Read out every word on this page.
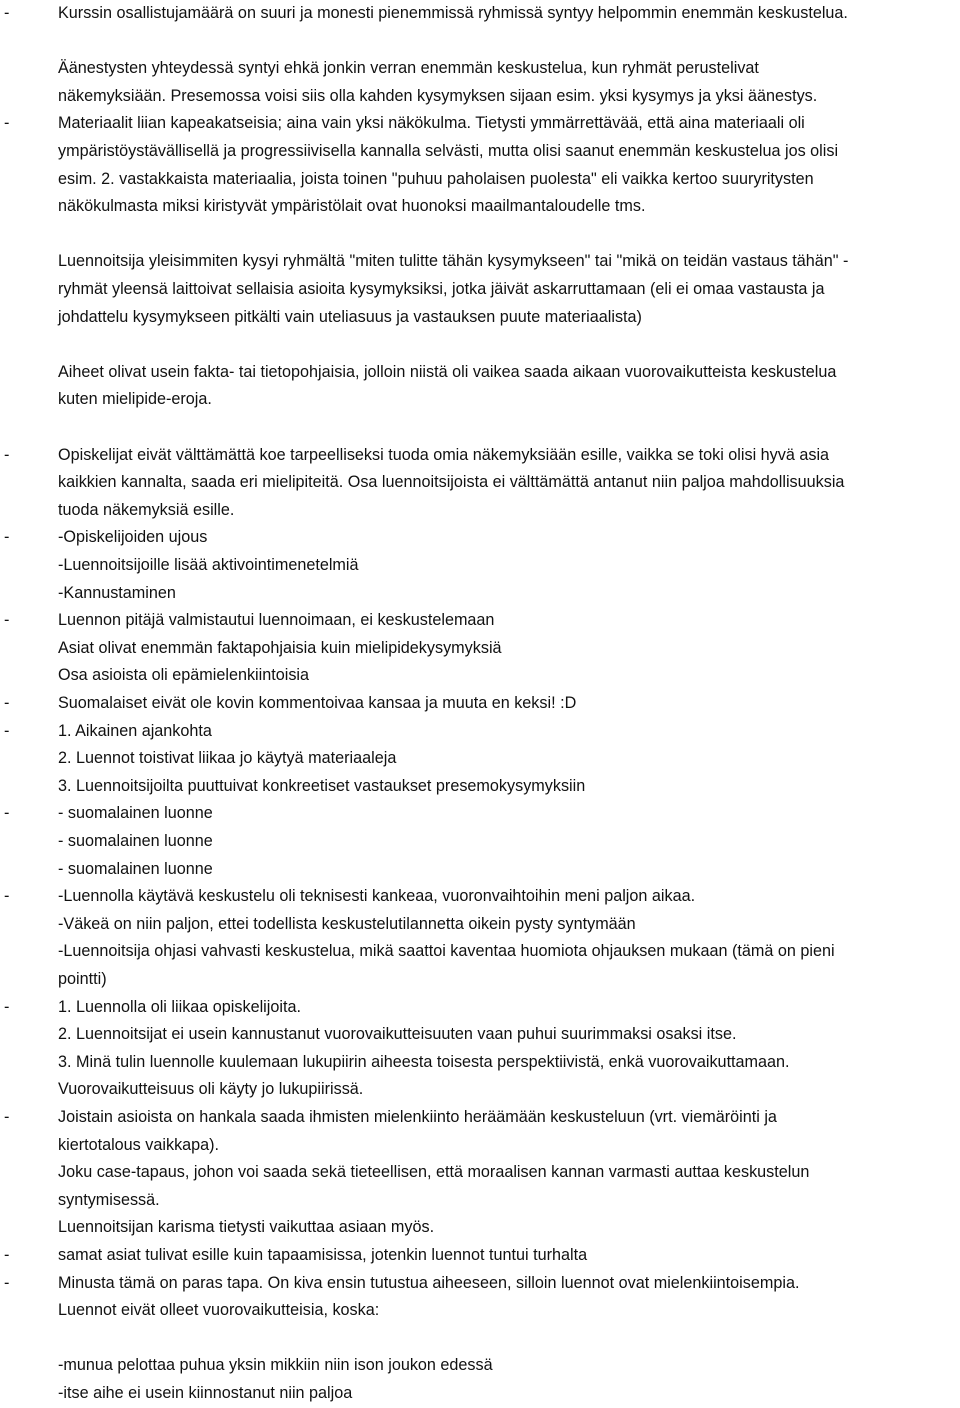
-	Kurssin osallistujamäärä on suuri ja monesti pienemmissä ryhmissä syntyy helpommin enemmän keskustelua.
Äänestysten yhteydessä syntyi ehkä jonkin verran enemmän keskustelua, kun ryhmät perustelivat
näkemyksiään. Presemossa voisi siis olla kahden kysymyksen sijaan esim. yksi kysymys ja yksi äänestys.
-	Materiaalit liian kapeakatseisia; aina vain yksi näkökulma. Tietysti ymmärrettävää, että aina materiaali oli
ympäristöystävällisellä ja progressiivisella kannalla selvästi, mutta olisi saanut enemmän keskustelua jos olisi
esim. 2. vastakkaista materiaalia, joista toinen "puhuu paholaisen puolesta" eli vaikka kertoo suuryritysten
näkökulmasta miksi kiristyvät ympäristölait ovat huonoksi maailmantaloudelle tms.
Luennoitsija yleisimmiten kysyi ryhmältä "miten tulitte tähän kysymykseen" tai "mikä on teidän vastaus tähän" -
ryhmät yleensä laittoivat sellaisia asioita kysymyksiksi, jotka jäivät askarruttamaan (eli ei omaa vastausta ja
johdattelu kysymykseen pitkälti vain uteliasuus ja vastauksen puute materiaalista)
Aiheet olivat usein fakta- tai tietopohjaisia, jolloin niistä oli vaikea saada aikaan vuorovaikutteista keskustelua
kuten mielipide-eroja.
-	Opiskelijat eivät välttämättä koe tarpeelliseksi tuoda omia näkemyksiään esille, vaikka se toki olisi hyvä asia
kaikkien kannalta, saada eri mielipiteitä. Osa luennoitsijoista ei välttämättä antanut niin paljoa mahdollisuuksia
tuoda näkemyksiä esille.
-	-Opiskelijoiden ujous
-Luennoitsijoille lisää aktivointimenetelmiä
-Kannustaminen
-	Luennon pitäjä valmistautui luennoimaan, ei keskustelemaan
Asiat olivat enemmän faktapohjaisia kuin mielipidekysymyksiä
Osa asioista oli epämielenkiintoisia
-	Suomalaiset eivät ole kovin kommentoivaa kansaa ja muuta en keksi! :D
-	1. Aikainen ajankohta
2. Luennot toistivat liikaa jo käytyä materiaaleja
3. Luennoitsijoilta puuttuivat konkreetiset vastaukset presemokysymyksiin
-	- suomalainen luonne
- suomalainen luonne
- suomalainen luonne
-	-Luennolla käytävä keskustelu oli teknisesti kankeaa, vuoronvaihtoihin meni paljon aikaa.
-Väkeä on niin paljon, ettei todellista keskustelutilannetta oikein pysty syntymään
-Luennoitsija ohjasi vahvasti keskustelua, mikä saattoi kaventaa huomiota ohjauksen mukaan (tämä on pieni
pointti)
-	1. Luennolla oli liikaa opiskelijoita.
2. Luennoitsijat ei usein kannustanut vuorovaikutteisuuten vaan puhui suurimmaksi osaksi itse.
3. Minä tulin luennolle kuulemaan lukupiirin aiheesta toisesta perspektiivistä, enkä vuorovaikuttamaan.
Vuorovaikutteisuus oli käyty jo lukupiirissä.
-	Joistain asioista on hankala saada ihmisten mielenkiinto heräämään keskusteluun (vrt. viemäröinti ja
kiertotalous vaikkapa).
Joku case-tapaus, johon voi saada sekä tieteellisen, että moraalisen kannan varmasti auttaa keskustelun
syntymisessä.
Luennoitsijan karisma tietysti vaikuttaa asiaan myös.
-	samat asiat tulivat esille kuin tapaamisissa, jotenkin luennot tuntui turhalta
-	Minusta tämä on paras tapa. On kiva ensin tutustua aiheeseen, silloin luennot ovat mielenkiintoisempia.
Luennot eivät olleet vuorovaikutteisia, koska:
-munua pelottaa puhua yksin mikkiin niin ison joukon edessä
-itse aihe ei usein kiinnostanut niin paljoa
